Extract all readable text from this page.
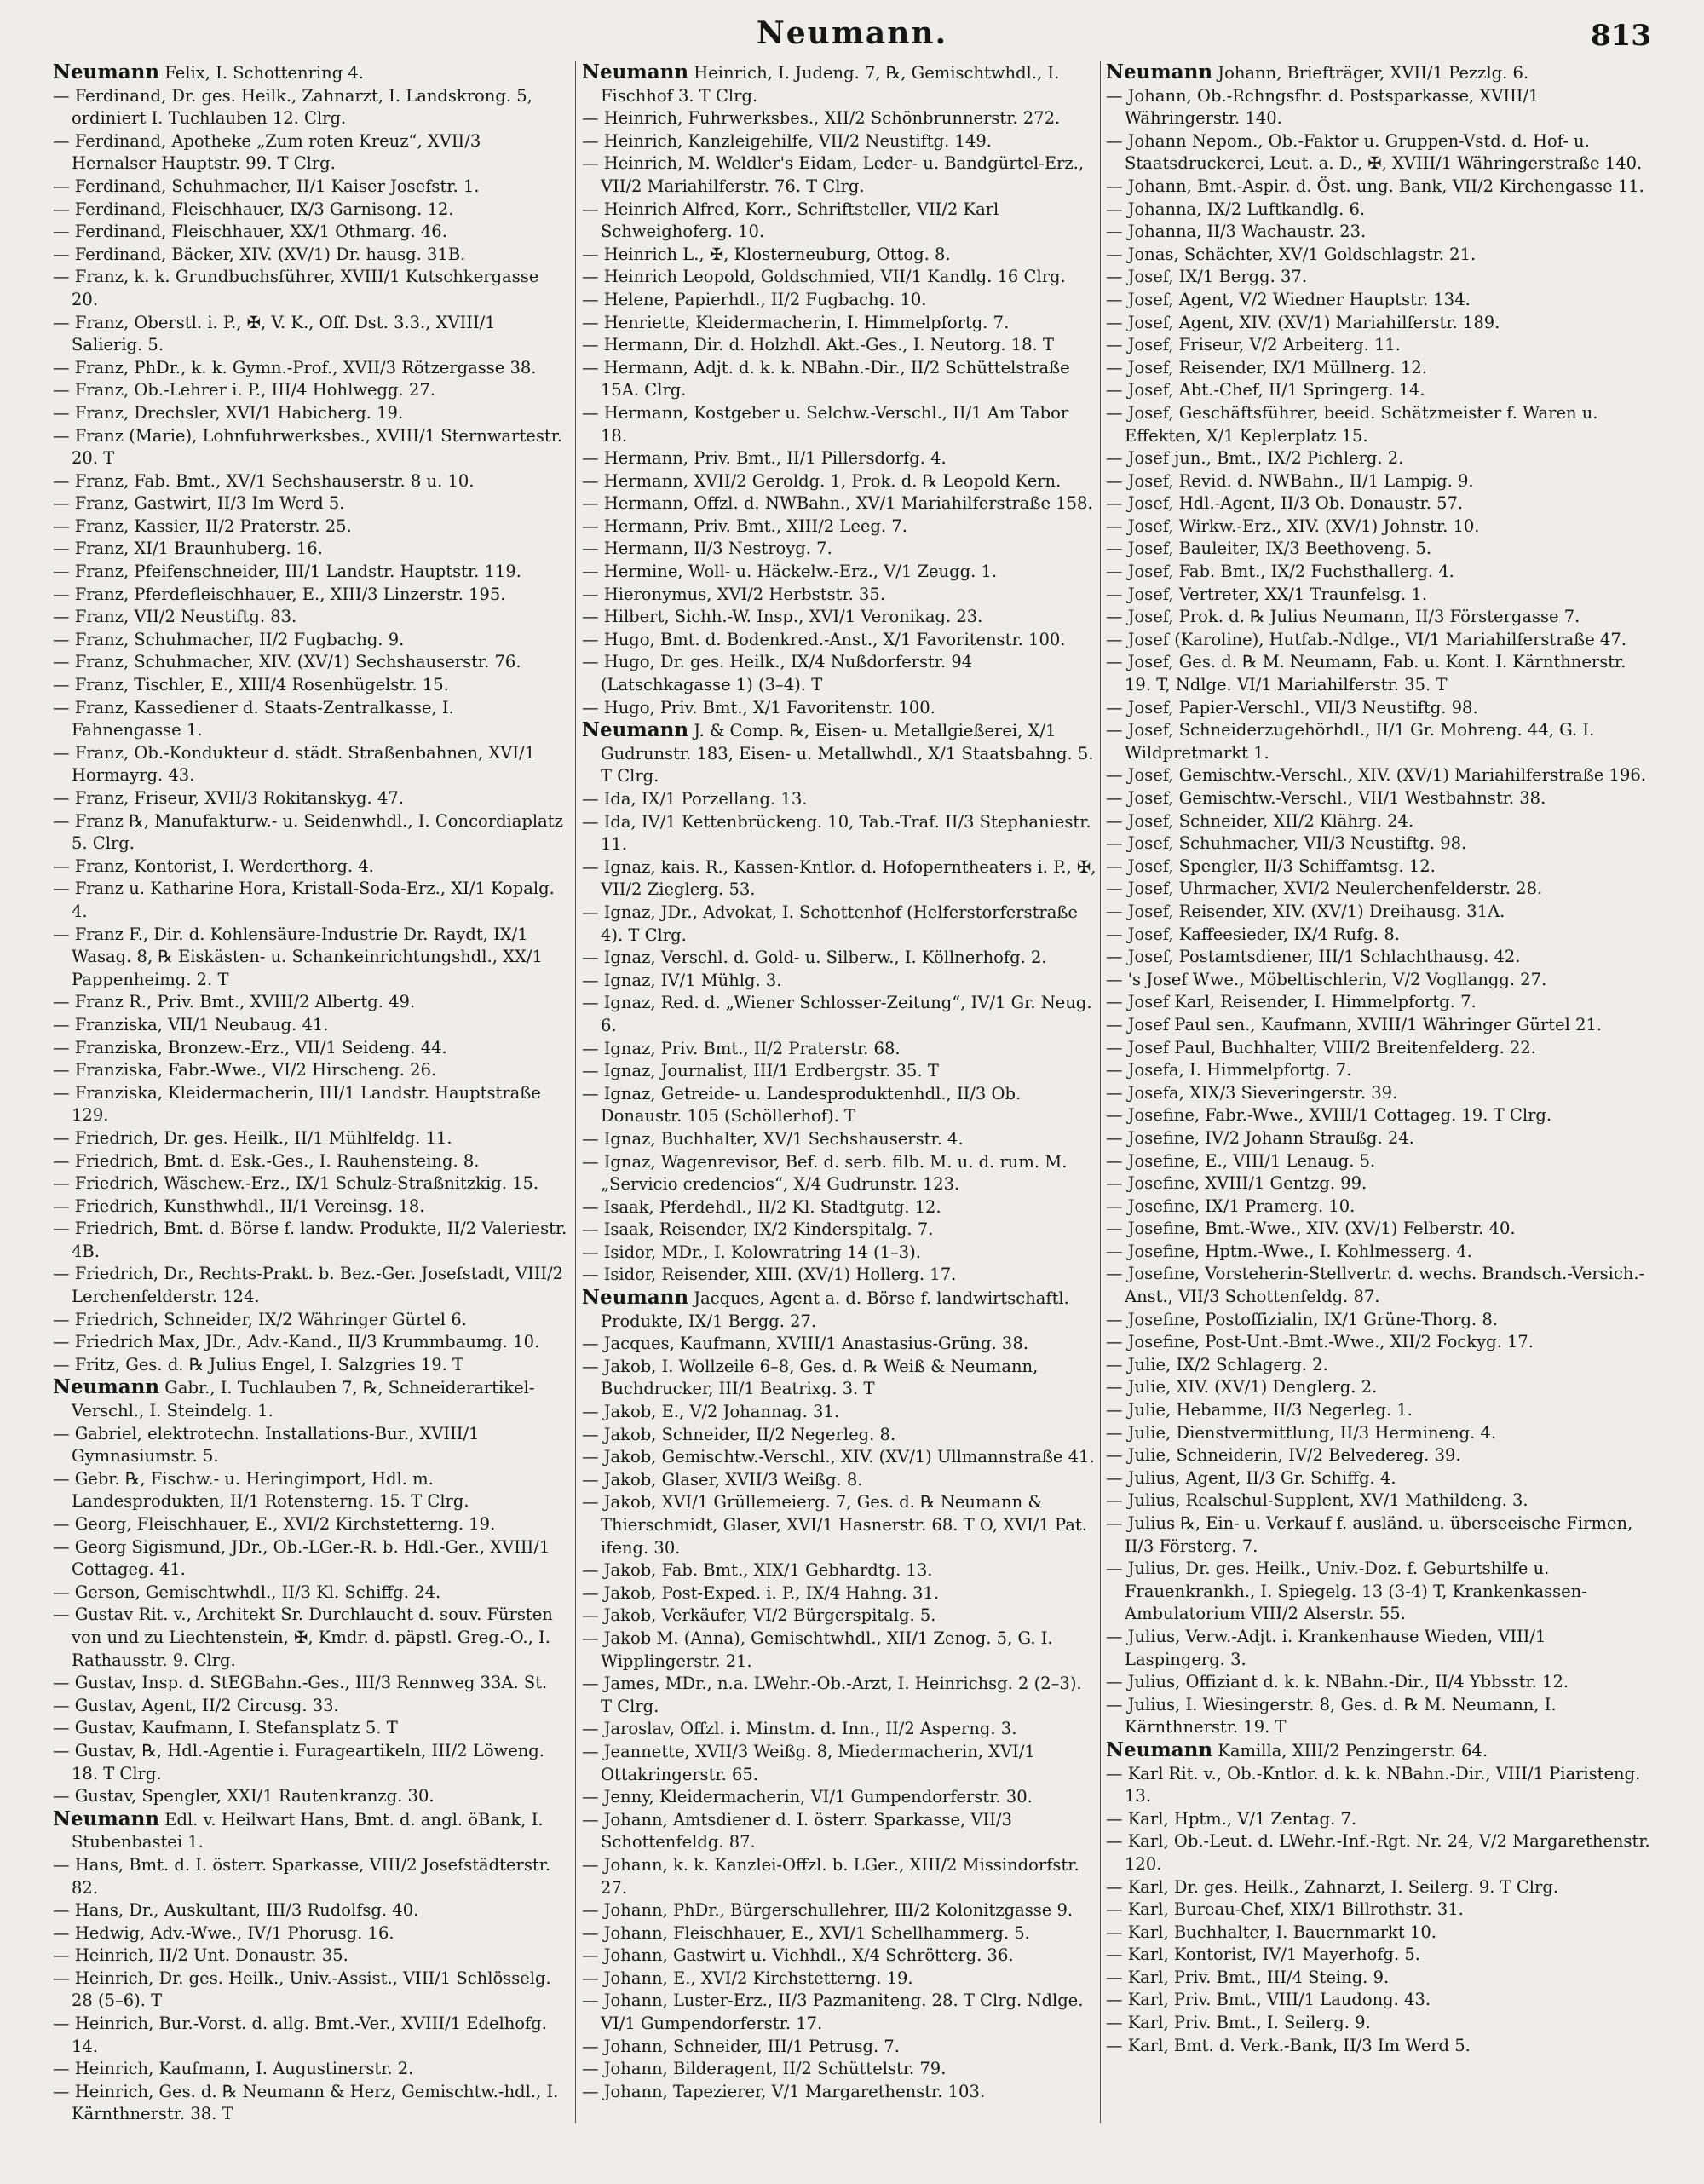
Neumann.	813

Neumann Felix, I. Schottenring 4.

— Ferdinand, Dr. ges. Heilk., Zahnarzt, I. Landskrong. 5, ordiniert I. Tuchlauben 12. Clrg.

— Ferdinand, Apotheke „Zum roten Kreuz“, XVII/3 Hernalser Hauptstr. 99. T Clrg.

— Ferdinand, Schuhmacher, II/1 Kaiser Josefstr. 1.

— Ferdinand, Fleischhauer, IX/3 Garnisong. 12.

— Ferdinand, Fleischhauer, XX/1 Othmarg. 46.

— Ferdinand, Bäcker, XIV. (XV/1) Dr. hausg. 31B.

— Franz, k. k. Grundbuchsführer, XVIII/1 Kutschkergasse 20.

— Franz, Oberstl. i. P., ✠, V. K., Off. Dst. 3.3., XVIII/1 Salierig. 5.

— Franz, PhDr., k. k. Gymn.-Prof., XVII/3 Rötzergasse 38.

— Franz, Ob.-Lehrer i. P., III/4 Hohlwegg. 27.

— Franz, Drechsler, XVI/1 Habicherg. 19.

— Franz (Marie), Lohnfuhrwerksbes., XVIII/1 Sternwartestr. 20. T

— Franz, Fab. Bmt., XV/1 Sechshauserstr. 8 u. 10.

— Franz, Gastwirt, II/3 Im Werd 5.

— Franz, Kassier, II/2 Praterstr. 25.

— Franz, XI/1 Braunhuberg. 16.

— Franz, Pfeifenschneider, III/1 Landstr. Hauptstr. 119.

— Franz, Pferdefleischhauer, E., XIII/3 Linzerstr. 195.

— Franz, VII/2 Neustiftg. 83.

— Franz, Schuhmacher, II/2 Fugbachg. 9.

— Franz, Schuhmacher, XIV. (XV/1) Sechshauserstr. 76.

— Franz, Tischler, E., XIII/4 Rosenhügelstr. 15.

— Franz, Kassediener d. Staats-Zentralkasse, I. Fahnengasse 1.

— Franz, Ob.-Kondukteur d. städt. Straßenbahnen, XVI/1 Hormayrg. 43.

— Franz, Friseur, XVII/3 Rokitanskyg. 47.

— Franz ℞, Manufakturw.- u. Seidenwhdl., I. Concordiaplatz 5. Clrg.

— Franz, Kontorist, I. Werderthorg. 4.

— Franz u. Katharine Hora, Kristall-Soda-Erz., XI/1 Kopalg. 4.

— Franz F., Dir. d. Kohlensäure-Industrie Dr. Raydt, IX/1 Wasag. 8, ℞ Eiskästen- u. Schankeinrichtungshdl., XX/1 Pappenheimg. 2. T

— Franz R., Priv. Bmt., XVIII/2 Albertg. 49.

— Franziska, VII/1 Neubaug. 41.

— Franziska, Bronzew.-Erz., VII/1 Seideng. 44.

— Franziska, Fabr.-Wwe., VI/2 Hirscheng. 26.

— Franziska, Kleidermacherin, III/1 Landstr. Hauptstraße 129.

— Friedrich, Dr. ges. Heilk., II/1 Mühlfeldg. 11.

— Friedrich, Bmt. d. Esk.-Ges., I. Rauhensteing. 8.

— Friedrich, Wäschew.-Erz., IX/1 Schulz-Straßnitzkig. 15.

— Friedrich, Kunsthwhdl., II/1 Vereinsg. 18.

— Friedrich, Bmt. d. Börse f. landw. Produkte, II/2 Valeriestr. 4B.

— Friedrich, Dr., Rechts-Prakt. b. Bez.-Ger. Josefstadt, VIII/2 Lerchenfelderstr. 124.

— Friedrich, Schneider, IX/2 Währinger Gürtel 6.

— Friedrich Max, JDr., Adv.-Kand., II/3 Krummbaumg. 10.

— Fritz, Ges. d. ℞ Julius Engel, I. Salzgries 19. T

Neumann Gabr., I. Tuchlauben 7, ℞, Schneiderartikel-Verschl., I. Steindelg. 1.

— Gabriel, elektrotechn. Installations-Bur., XVIII/1 Gymnasiumstr. 5.

— Gebr. ℞, Fischw.- u. Heringimport, Hdl. m. Landesprodukten, II/1 Rotensterng. 15. T Clrg.

— Georg, Fleischhauer, E., XVI/2 Kirchstetterng. 19.

— Georg Sigismund, JDr., Ob.-LGer.-R. b. Hdl.-Ger., XVIII/1 Cottageg. 41.

— Gerson, Gemischtwhdl., II/3 Kl. Schiffg. 24.

— Gustav Rit. v., Architekt Sr. Durchlaucht d. souv. Fürsten von und zu Liechtenstein, ✠, Kmdr. d. päpstl. Greg.-O., I. Rathausstr. 9. Clrg.

— Gustav, Insp. d. StEGBahn.-Ges., III/3 Rennweg 33A. St.

— Gustav, Agent, II/2 Circusg. 33.

— Gustav, Kaufmann, I. Stefansplatz 5. T

— Gustav, ℞, Hdl.-Agentie i. Furageartikeln, III/2 Löweng. 18. T Clrg.

— Gustav, Spengler, XXI/1 Rautenkranzg. 30.

Neumann Edl. v. Heilwart Hans, Bmt. d. angl. öBank, I. Stubenbastei 1.

— Hans, Bmt. d. I. österr. Sparkasse, VIII/2 Josefstädterstr. 82.

— Hans, Dr., Auskultant, III/3 Rudolfsg. 40.

— Hedwig, Adv.-Wwe., IV/1 Phorusg. 16.

— Heinrich, II/2 Unt. Donaustr. 35.

— Heinrich, Dr. ges. Heilk., Univ.-Assist., VIII/1 Schlösselg. 28 (5–6). T

— Heinrich, Bur.-Vorst. d. allg. Bmt.-Ver., XVIII/1 Edelhofg. 14.

— Heinrich, Kaufmann, I. Augustinerstr. 2.

— Heinrich, Ges. d. ℞ Neumann & Herz, Gemischtw.-hdl., I. Kärnthnerstr. 38. T

Neumann Heinrich, I. Judeng. 7, ℞, Gemischtwhdl., I. Fischhof 3. T Clrg.

— Heinrich, Fuhrwerksbes., XII/2 Schönbrunnerstr. 272.

— Heinrich, Kanzleigehilfe, VII/2 Neustiftg. 149.

— Heinrich, M. Weldler's Eidam, Leder- u. Bandgürtel-Erz., VII/2 Mariahilferstr. 76. T Clrg.

— Heinrich Alfred, Korr., Schriftsteller, VII/2 Karl Schweighoferg. 10.

— Heinrich L., ✠, Klosterneuburg, Ottog. 8.

— Heinrich Leopold, Goldschmied, VII/1 Kandlg. 16 Clrg.

— Helene, Papierhdl., II/2 Fugbachg. 10.

— Henriette, Kleidermacherin, I. Himmelpfortg. 7.

— Hermann, Dir. d. Holzhdl. Akt.-Ges., I. Neutorg. 18. T

— Hermann, Adjt. d. k. k. NBahn.-Dir., II/2 Schüttelstraße 15A. Clrg.

— Hermann, Kostgeber u. Selchw.-Verschl., II/1 Am Tabor 18.

— Hermann, Priv. Bmt., II/1 Pillersdorfg. 4.

— Hermann, XVII/2 Geroldg. 1, Prok. d. ℞ Leopold Kern.

— Hermann, Offzl. d. NWBahn., XV/1 Mariahilferstraße 158.

— Hermann, Priv. Bmt., XIII/2 Leeg. 7.

— Hermann, II/3 Nestroyg. 7.

— Hermine, Woll- u. Häckelw.-Erz., V/1 Zeugg. 1.

— Hieronymus, XVI/2 Herbststr. 35.

— Hilbert, Sichh.-W. Insp., XVI/1 Veronikag. 23.

— Hugo, Bmt. d. Bodenkred.-Anst., X/1 Favoritenstr. 100.

— Hugo, Dr. ges. Heilk., IX/4 Nußdorferstr. 94 (Latschkagasse 1) (3–4). T

— Hugo, Priv. Bmt., X/1 Favoritenstr. 100.

Neumann J. & Comp. ℞, Eisen- u. Metallgießerei, X/1 Gudrunstr. 183, Eisen- u. Metallwhdl., X/1 Staatsbahng. 5. T Clrg.

— Ida, IX/1 Porzellang. 13.

— Ida, IV/1 Kettenbrückeng. 10, Tab.-Traf. II/3 Stephaniestr. 11.

— Ignaz, kais. R., Kassen-Kntlor. d. Hofoperntheaters i. P., ✠, VII/2 Zieglerg. 53.

— Ignaz, JDr., Advokat, I. Schottenhof (Helferstorferstraße 4). T Clrg.

— Ignaz, Verschl. d. Gold- u. Silberw., I. Köllnerhofg. 2.

— Ignaz, IV/1 Mühlg. 3.

— Ignaz, Red. d. „Wiener Schlosser-Zeitung“, IV/1 Gr. Neug. 6.

— Ignaz, Priv. Bmt., II/2 Praterstr. 68.

— Ignaz, Journalist, III/1 Erdbergstr. 35. T

— Ignaz, Getreide- u. Landesproduktenhdl., II/3 Ob. Donaustr. 105 (Schöllerhof). T

— Ignaz, Buchhalter, XV/1 Sechshauserstr. 4.

— Ignaz, Wagenrevisor, Bef. d. serb. filb. M. u. d. rum. M. „Servicio credencios“, X/4 Gudrunstr. 123.

— Isaak, Pferdehdl., II/2 Kl. Stadtgutg. 12.

— Isaak, Reisender, IX/2 Kinderspitalg. 7.

— Isidor, MDr., I. Kolowratring 14 (1–3).

— Isidor, Reisender, XIII. (XV/1) Hollerg. 17.

Neumann Jacques, Agent a. d. Börse f. landwirtschaftl. Produkte, IX/1 Bergg. 27.

— Jacques, Kaufmann, XVIII/1 Anastasius-Grüng. 38.

— Jakob, I. Wollzeile 6–8, Ges. d. ℞ Weiß & Neumann, Buchdrucker, III/1 Beatrixg. 3. T

— Jakob, E., V/2 Johannag. 31.

— Jakob, Schneider, II/2 Negerleg. 8.

— Jakob, Gemischtw.-Verschl., XIV. (XV/1) Ullmannstraße 41.

— Jakob, Glaser, XVII/3 Weißg. 8.

— Jakob, XVI/1 Grüllemeierg. 7, Ges. d. ℞ Neumann & Thierschmidt, Glaser, XVI/1 Hasnerstr. 68. T O, XVI/1 Pat. ifeng. 30.

— Jakob, Fab. Bmt., XIX/1 Gebhardtg. 13.

— Jakob, Post-Exped. i. P., IX/4 Hahng. 31.

— Jakob, Verkäufer, VI/2 Bürgerspitalg. 5.

— Jakob M. (Anna), Gemischtwhdl., XII/1 Zenog. 5, G. I. Wipplingerstr. 21.

— James, MDr., n.a. LWehr.-Ob.-Arzt, I. Heinrichsg. 2 (2–3). T Clrg.

— Jaroslav, Offzl. i. Minstm. d. Inn., II/2 Asperng. 3.

— Jeannette, XVII/3 Weißg. 8, Miedermacherin, XVI/1 Ottakringerstr. 65.

— Jenny, Kleidermacherin, VI/1 Gumpendorferstr. 30.

— Johann, Amtsdiener d. I. österr. Sparkasse, VII/3 Schottenfeldg. 87.

— Johann, k. k. Kanzlei-Offzl. b. LGer., XIII/2 Missindorfstr. 27.

— Johann, PhDr., Bürgerschullehrer, III/2 Kolonitzgasse 9.

— Johann, Fleischhauer, E., XVI/1 Schellhammerg. 5.

— Johann, Gastwirt u. Viehhdl., X/4 Schrötterg. 36.

— Johann, E., XVI/2 Kirchstetterng. 19.

— Johann, Luster-Erz., II/3 Pazmaniteng. 28. T Clrg. Ndlge. VI/1 Gumpendorferstr. 17.

— Johann, Schneider, III/1 Petrusg. 7.

— Johann, Bilderagent, II/2 Schüttelstr. 79.

— Johann, Tapezierer, V/1 Margarethenstr. 103.

Neumann Johann, Briefträger, XVII/1 Pezzlg. 6.

— Johann, Ob.-Rchngsfhr. d. Postsparkasse, XVIII/1 Währingerstr. 140.

— Johann Nepom., Ob.-Faktor u. Gruppen-Vstd. d. Hof- u. Staatsdruckerei, Leut. a. D., ✠, XVIII/1 Währingerstraße 140.

— Johann, Bmt.-Aspir. d. Öst. ung. Bank, VII/2 Kirchengasse 11.

— Johanna, IX/2 Luftkandlg. 6.

— Johanna, II/3 Wachaustr. 23.

— Jonas, Schächter, XV/1 Goldschlagstr. 21.

— Josef, IX/1 Bergg. 37.

— Josef, Agent, V/2 Wiedner Hauptstr. 134.

— Josef, Agent, XIV. (XV/1) Mariahilferstr. 189.

— Josef, Friseur, V/2 Arbeiterg. 11.

— Josef, Reisender, IX/1 Müllnerg. 12.

— Josef, Abt.-Chef, II/1 Springerg. 14.

— Josef, Geschäftsführer, beeid. Schätzmeister f. Waren u. Effekten, X/1 Keplerplatz 15.

— Josef jun., Bmt., IX/2 Pichlerg. 2.

— Josef, Revid. d. NWBahn., II/1 Lampig. 9.

— Josef, Hdl.-Agent, II/3 Ob. Donaustr. 57.

— Josef, Wirkw.-Erz., XIV. (XV/1) Johnstr. 10.

— Josef, Bauleiter, IX/3 Beethoveng. 5.

— Josef, Fab. Bmt., IX/2 Fuchsthallerg. 4.

— Josef, Vertreter, XX/1 Traunfelsg. 1.

— Josef, Prok. d. ℞ Julius Neumann, II/3 Förstergasse 7.

— Josef (Karoline), Hutfab.-Ndlge., VI/1 Mariahilferstraße 47.

— Josef, Ges. d. ℞ M. Neumann, Fab. u. Kont. I. Kärnthnerstr. 19. T, Ndlge. VI/1 Mariahilferstr. 35. T

— Josef, Papier-Verschl., VII/3 Neustiftg. 98.

— Josef, Schneiderzugehörhdl., II/1 Gr. Mohreng. 44, G. I. Wildpretmarkt 1.

— Josef, Gemischtw.-Verschl., XIV. (XV/1) Mariahilferstraße 196.

— Josef, Gemischtw.-Verschl., VII/1 Westbahnstr. 38.

— Josef, Schneider, XII/2 Klährg. 24.

— Josef, Schuhmacher, VII/3 Neustiftg. 98.

— Josef, Spengler, II/3 Schiffamtsg. 12.

— Josef, Uhrmacher, XVI/2 Neulerchenfelderstr. 28.

— Josef, Reisender, XIV. (XV/1) Dreihausg. 31A.

— Josef, Kaffeesieder, IX/4 Rufg. 8.

— Josef, Postamtsdiener, III/1 Schlachthausg. 42.

— 's Josef Wwe., Möbeltischlerin, V/2 Vogllangg. 27.

— Josef Karl, Reisender, I. Himmelpfortg. 7.

— Josef Paul sen., Kaufmann, XVIII/1 Währinger Gürtel 21.

— Josef Paul, Buchhalter, VIII/2 Breitenfelderg. 22.

— Josefa, I. Himmelpfortg. 7.

— Josefa, XIX/3 Sieveringerstr. 39.

— Josefine, Fabr.-Wwe., XVIII/1 Cottageg. 19. T Clrg.

— Josefine, IV/2 Johann Straußg. 24.

— Josefine, E., VIII/1 Lenaug. 5.

— Josefine, XVIII/1 Gentzg. 99.

— Josefine, IX/1 Pramerg. 10.

— Josefine, Bmt.-Wwe., XIV. (XV/1) Felberstr. 40.

— Josefine, Hptm.-Wwe., I. Kohlmesserg. 4.

— Josefine, Vorsteherin-Stellvertr. d. wechs. Brandsch.-Versich.-Anst., VII/3 Schottenfeldg. 87.

— Josefine, Postoffizialin, IX/1 Grüne-Thorg. 8.

— Josefine, Post-Unt.-Bmt.-Wwe., XII/2 Fockyg. 17.

— Julie, IX/2 Schlagerg. 2.

— Julie, XIV. (XV/1) Denglerg. 2.

— Julie, Hebamme, II/3 Negerleg. 1.

— Julie, Dienstvermittlung, II/3 Hermineng. 4.

— Julie, Schneiderin, IV/2 Belvedereg. 39.

— Julius, Agent, II/3 Gr. Schiffg. 4.

— Julius, Realschul-Supplent, XV/1 Mathildeng. 3.

— Julius ℞, Ein- u. Verkauf f. ausländ. u. überseeische Firmen, II/3 Försterg. 7.

— Julius, Dr. ges. Heilk., Univ.-Doz. f. Geburtshilfe u. Frauenkrankh., I. Spiegelg. 13 (3-4) T, Krankenkassen-Ambulatorium VIII/2 Alserstr. 55.

— Julius, Verw.-Adjt. i. Krankenhause Wieden, VIII/1 Laspingerg. 3.

— Julius, Offiziant d. k. k. NBahn.-Dir., II/4 Ybbsstr. 12.

— Julius, I. Wiesingerstr. 8, Ges. d. ℞ M. Neumann, I. Kärnthnerstr. 19. T

Neumann Kamilla, XIII/2 Penzingerstr. 64.

— Karl Rit. v., Ob.-Kntlor. d. k. k. NBahn.-Dir., VIII/1 Piaristeng. 13.

— Karl, Hptm., V/1 Zentag. 7.

— Karl, Ob.-Leut. d. LWehr.-Inf.-Rgt. Nr. 24, V/2 Margarethenstr. 120.

— Karl, Dr. ges. Heilk., Zahnarzt, I. Seilerg. 9. T Clrg.

— Karl, Bureau-Chef, XIX/1 Billrothstr. 31.

— Karl, Buchhalter, I. Bauernmarkt 10.

— Karl, Kontorist, IV/1 Mayerhofg. 5.

— Karl, Priv. Bmt., III/4 Steing. 9.

— Karl, Priv. Bmt., VIII/1 Laudong. 43.

— Karl, Priv. Bmt., I. Seilerg. 9.

— Karl, Bmt. d. Verk.-Bank, II/3 Im Werd 5.
